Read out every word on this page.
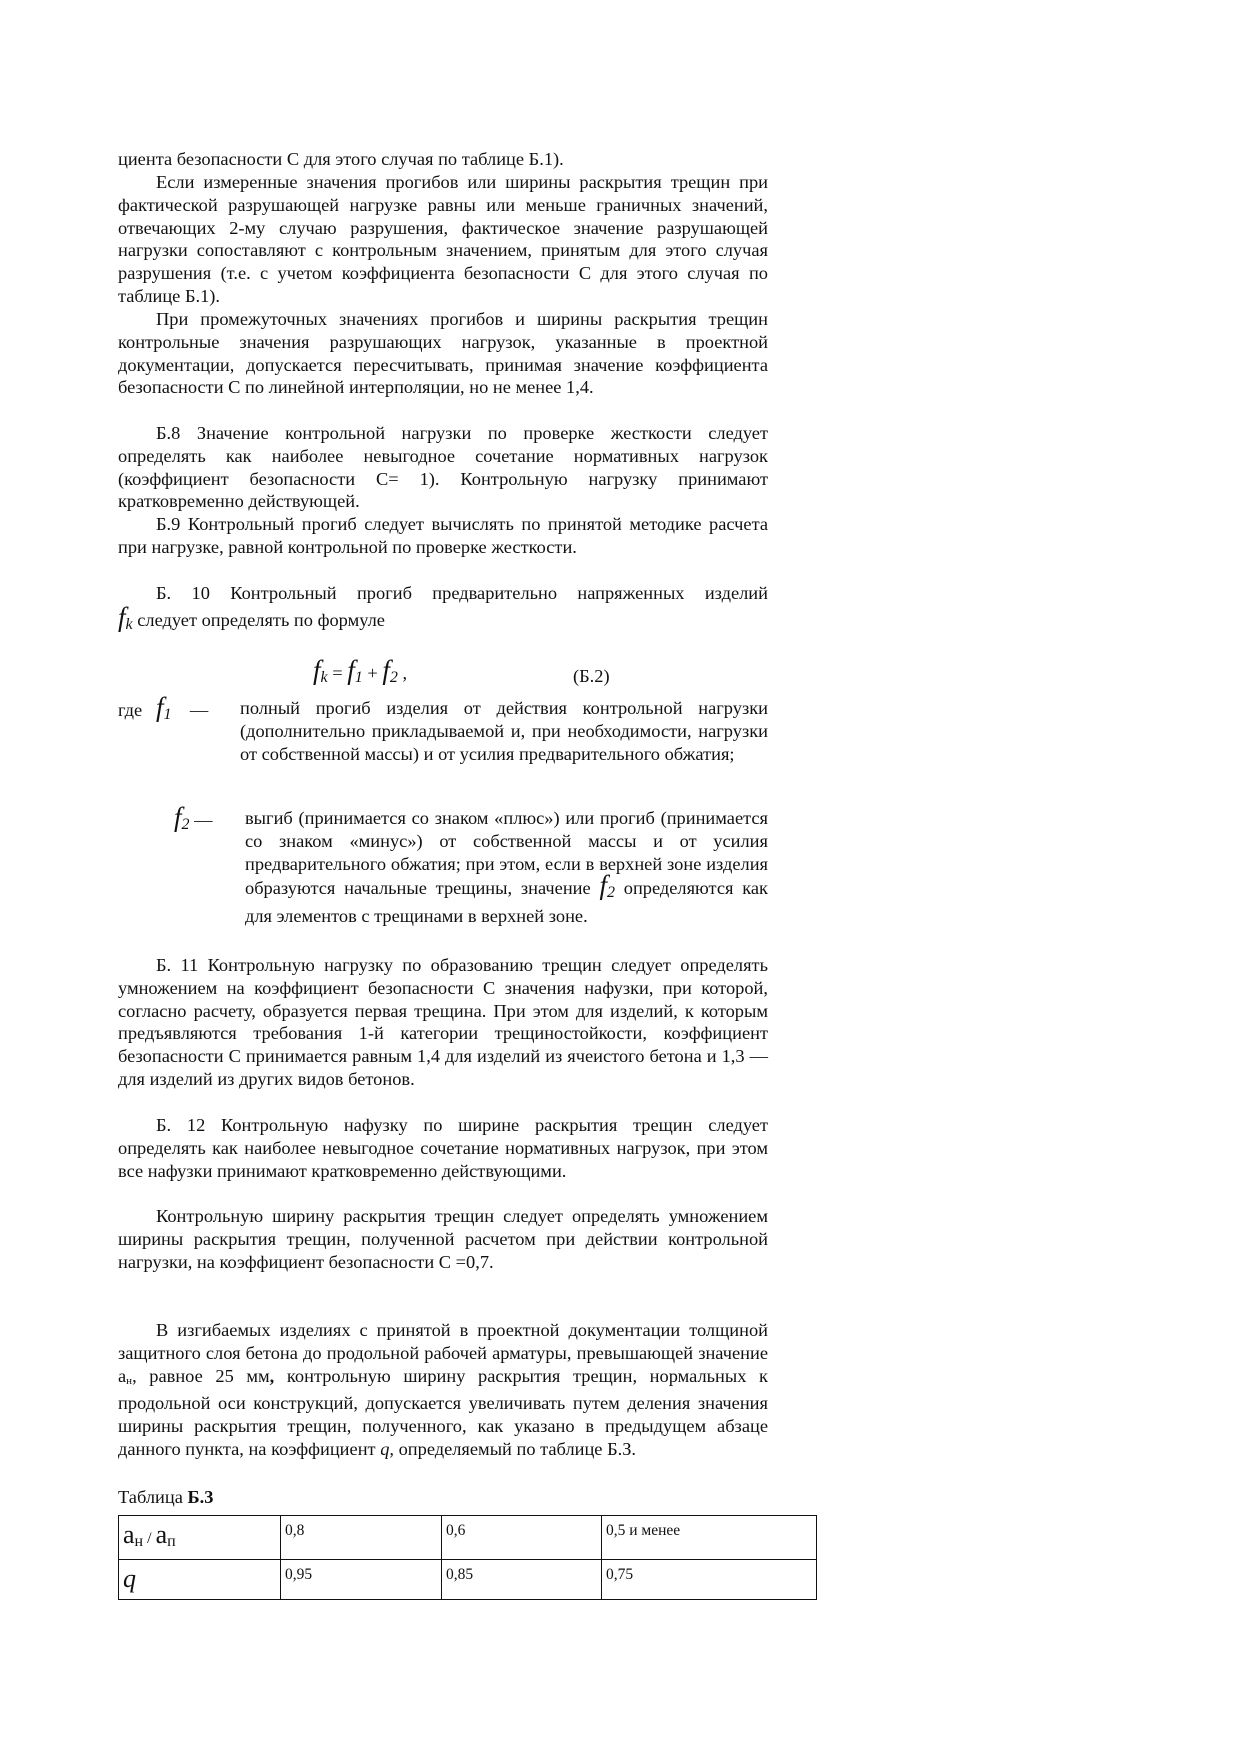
циента безопасности С для этого случая по таблице Б.1).

Если измеренные значения прогибов или ширины раскрытия трещин при фактической разрушающей нагрузке равны или меньше граничных значений, отвечающих 2-му случаю разрушения, фактическое значение разрушающей нагрузки сопоставляют с контрольным значением, принятым для этого случая разрушения (т.е. с учетом коэффициента безопасности С для этого случая по таблице Б.1).

При промежуточных значениях прогибов и ширины раскрытия трещин контрольные значения разрушающих нагрузок, указанные в проектной документации, допускается пересчитывать, принимая значение коэффициента безопасности С по линейной интерполяции, но не менее 1,4.

Б.8 Значение контрольной нагрузки по проверке жесткости следует определять как наиболее невыгодное сочетание нормативных нагрузок (коэффициент безопасности С= 1). Контрольную нагрузку принимают кратковременно действующей.

Б.9 Контрольный прогиб следует вычислять по принятой методике расчета при нагрузке, равной контрольной по проверке жесткости.

Б. 10 Контрольный прогиб предварительно напряженных изделий

fk следует определять по формуле

fk = f1 + f2 ,	(Б.2)
где f1 — полный прогиб изделия от действия контрольной нагрузки (дополнительно прикладываемой и, при необходимости, нагрузки от собственной массы) и от усилия предварительного обжатия;
f2 — выгиб (принимается со знаком «плюс») или прогиб (принимается со знаком «минус») от собственной массы и от усилия предварительного обжатия; при этом, если в верхней зоне изделия образуются начальные трещины, значение f2 определяются как для элементов с трещинами в верхней зоне.

Б. 11 Контрольную нагрузку по образованию трещин следует определять умножением на коэффициент безопасности С значения нафузки, при которой, согласно расчету, образуется первая трещина. При этом для изделий, к которым предъявляются требования 1-й категории трещиностойкости, коэффициент безопасности С принимается равным 1,4 для изделий из ячеистого бетона и 1,3 — для изделий из других видов бетонов.

Б. 12 Контрольную нафузку по ширине раскрытия трещин следует определять как наиболее невыгодное сочетание нормативных нагрузок, при этом все нафузки принимают кратковременно действующими.

Контрольную ширину раскрытия трещин следует определять умножением ширины раскрытия трещин, полученной расчетом при действии контрольной нагрузки, на коэффициент безопасности С =0,7.

В изгибаемых изделиях с принятой в проектной документации толщиной защитного слоя бетона до продольной рабочей арматуры, превышающей значение ан, равное 25 мм, контрольную ширину раскрытия трещин, нормальных к продольной оси конструкций, допускается увеличивать путем деления значения ширины раскрытия трещин, полученного, как указано в предыдущем абзаце данного пункта, на коэффициент q, определяемый по таблице Б.З.

Таблица Б.3
ан / ап	0,8	0,6	0,5 и менее
q	0,95	0,85	0,75
